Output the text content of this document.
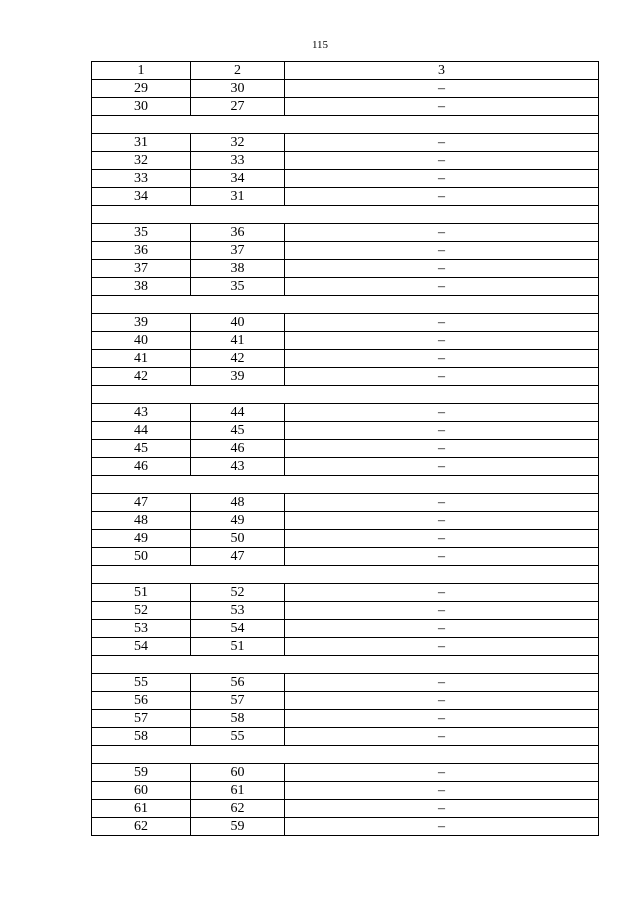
115
1	2	3
29	30	–
30	27	–

31	32	–
32	33	–
33	34	–
34	31	–

35	36	–
36	37	–
37	38	–
38	35	–

39	40	–
40	41	–
41	42	–
42	39	–

43	44	–
44	45	–
45	46	–
46	43	–

47	48	–
48	49	–
49	50	–
50	47	–

51	52	–
52	53	–
53	54	–
54	51	–

55	56	–
56	57	–
57	58	–
58	55	–

59	60	–
60	61	–
61	62	–
62	59	–
